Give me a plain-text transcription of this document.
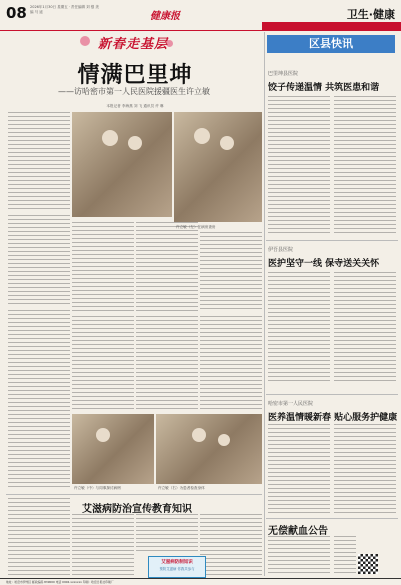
08 2026年1月30日 星期五 · 责任编辑 刘 强 美编 马 遥	健康报	卫生·健康
新春走基层
情满巴里坤
——访哈密市第一人民医院援疆医生许立敏
本报记者 李海燕 刘 飞 通讯员 许 琳
许立敏（左）在病房查房
许立敏（中）与同事探讨病例	许立敏（右）为患者检查身体
艾滋病防治宣传教育知识
艾滋病防制知识
预防艾滋病 你我共参与
区县快讯
巴里坤县医院
饺子传递温情 共筑医患和谐
伊吾县医院
医护坚守一线 保寺送关关怀
哈密市第一人民医院
医养温情暖新春 贴心服务护健康
无偿献血公告
地址：哈密市伊州区 邮政编码 839000 电话 0902-xxxxxxx 印刷：哈密日报社印刷厂
